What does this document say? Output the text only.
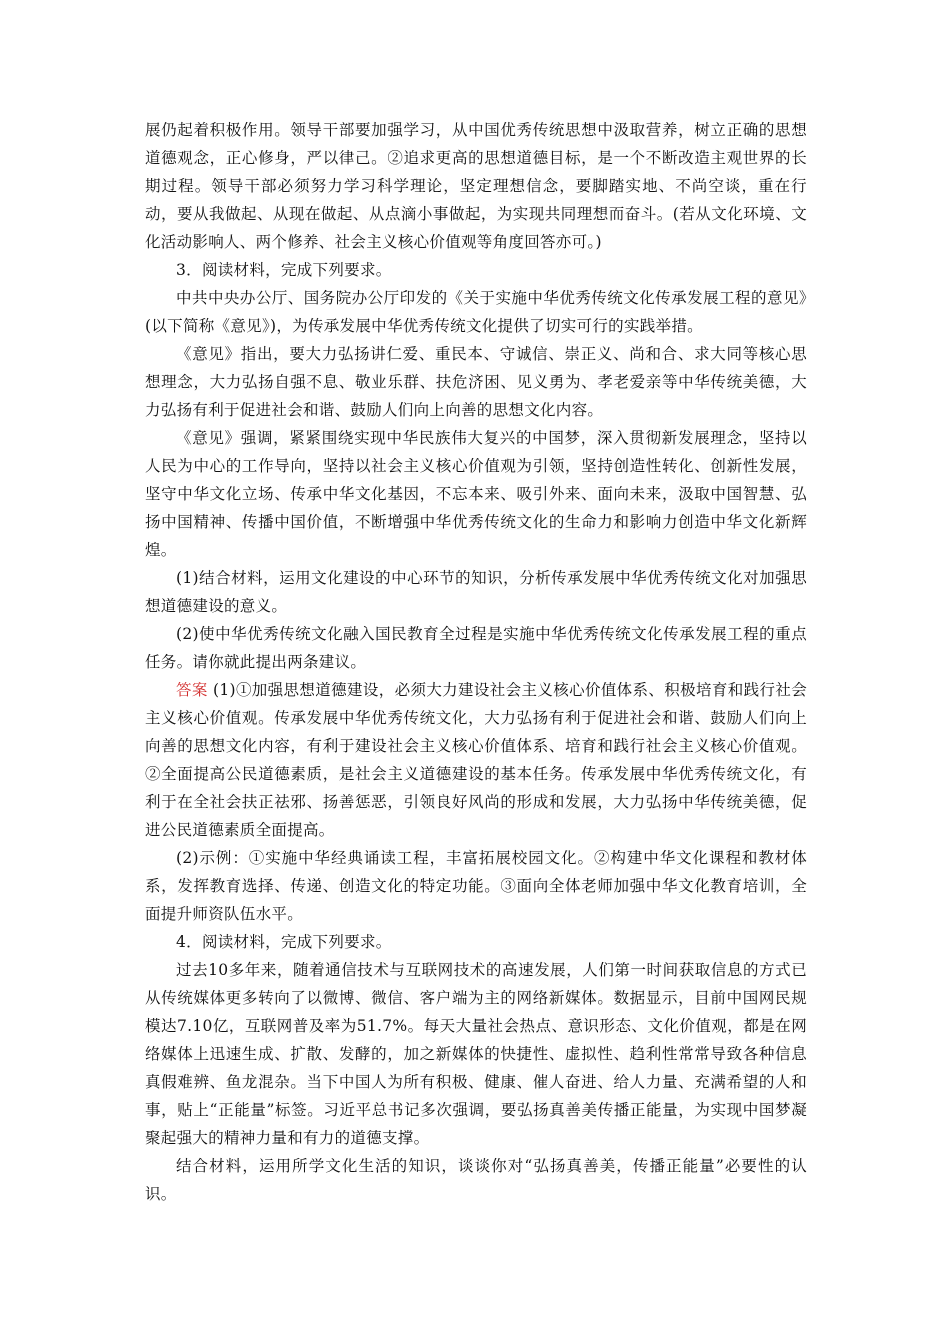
展仍起着积极作用。领导干部要加强学习，从中国优秀传统思想中汲取营养，树立正确的思想道德观念，正心修身，严以律己。②追求更高的思想道德目标，是一个不断改造主观世界的长期过程。领导干部必须努力学习科学理论，坚定理想信念，要脚踏实地、不尚空谈，重在行动，要从我做起、从现在做起、从点滴小事做起，为实现共同理想而奋斗。(若从文化环境、文化活动影响人、两个修养、社会主义核心价值观等角度回答亦可。)

3．阅读材料，完成下列要求。

中共中央办公厅、国务院办公厅印发的《关于实施中华优秀传统文化传承发展工程的意见》(以下简称《意见》)，为传承发展中华优秀传统文化提供了切实可行的实践举措。

《意见》指出，要大力弘扬讲仁爱、重民本、守诚信、崇正义、尚和合、求大同等核心思想理念，大力弘扬自强不息、敬业乐群、扶危济困、见义勇为、孝老爱亲等中华传统美德，大力弘扬有利于促进社会和谐、鼓励人们向上向善的思想文化内容。

《意见》强调，紧紧围绕实现中华民族伟大复兴的中国梦，深入贯彻新发展理念，坚持以人民为中心的工作导向，坚持以社会主义核心价值观为引领，坚持创造性转化、创新性发展，坚守中华文化立场、传承中华文化基因，不忘本来、吸引外来、面向未来，汲取中国智慧、弘扬中国精神、传播中国价值，不断增强中华优秀传统文化的生命力和影响力创造中华文化新辉煌。

(1)结合材料，运用文化建设的中心环节的知识，分析传承发展中华优秀传统文化对加强思想道德建设的意义。

(2)使中华优秀传统文化融入国民教育全过程是实施中华优秀传统文化传承发展工程的重点任务。请你就此提出两条建议。

答案 (1)①加强思想道德建设，必须大力建设社会主义核心价值体系、积极培育和践行社会主义核心价值观。传承发展中华优秀传统文化，大力弘扬有利于促进社会和谐、鼓励人们向上向善的思想文化内容，有利于建设社会主义核心价值体系、培育和践行社会主义核心价值观。②全面提高公民道德素质，是社会主义道德建设的基本任务。传承发展中华优秀传统文化，有利于在全社会扶正祛邪、扬善惩恶，引领良好风尚的形成和发展，大力弘扬中华传统美德，促进公民道德素质全面提高。

(2)示例：①实施中华经典诵读工程，丰富拓展校园文化。②构建中华文化课程和教材体系，发挥教育选择、传递、创造文化的特定功能。③面向全体老师加强中华文化教育培训，全面提升师资队伍水平。

4．阅读材料，完成下列要求。

过去10多年来，随着通信技术与互联网技术的高速发展，人们第一时间获取信息的方式已从传统媒体更多转向了以微博、微信、客户端为主的网络新媒体。数据显示，目前中国网民规模达7.10亿，互联网普及率为51.7%。每天大量社会热点、意识形态、文化价值观，都是在网络媒体上迅速生成、扩散、发酵的，加之新媒体的快捷性、虚拟性、趋利性常常导致各种信息真假难辨、鱼龙混杂。当下中国人为所有积极、健康、催人奋进、给人力量、充满希望的人和事，贴上“正能量”标签。习近平总书记多次强调，要弘扬真善美传播正能量，为实现中国梦凝聚起强大的精神力量和有力的道德支撑。

结合材料，运用所学文化生活的知识，谈谈你对“弘扬真善美，传播正能量”必要性的认识。
